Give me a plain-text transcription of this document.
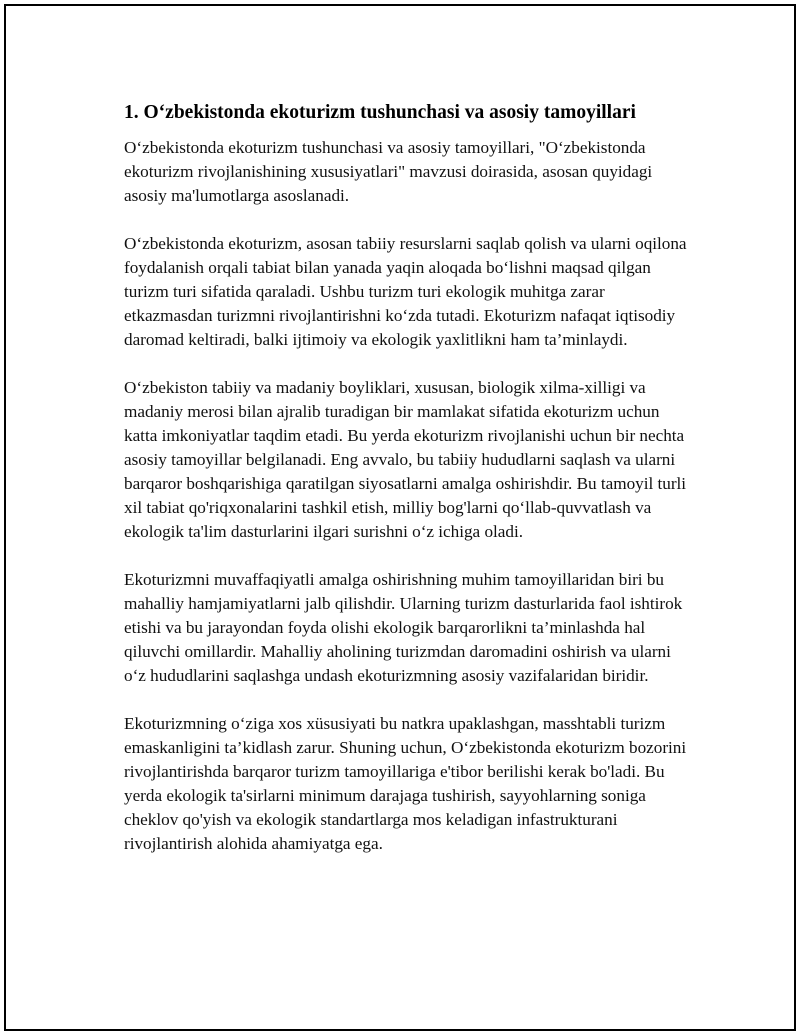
1. O‘zbekistonda ekoturizm tushunchasi va asosiy tamoyillari

O‘zbekistonda ekoturizm tushunchasi va asosiy tamoyillari, "O‘zbekistonda ekoturizm rivojlanishining xususiyatlari" mavzusi doirasida, asosan quyidagi asosiy ma'lumotlarga asoslanadi.

O‘zbekistonda ekoturizm, asosan tabiiy resurslarni saqlab qolish va ularni oqilona foydalanish orqali tabiat bilan yanada yaqin aloqada bo‘lishni maqsad qilgan turizm turi sifatida qaraladi. Ushbu turizm turi ekologik muhitga zarar etkazmasdan turizmni rivojlantirishni ko‘zda tutadi. Ekoturizm nafaqat iqtisodiy daromad keltiradi, balki ijtimoiy va ekologik yaxlitlikni ham ta’minlaydi.

O‘zbekiston tabiiy va madaniy boyliklari, xususan, biologik xilma-xilligi va madaniy merosi bilan ajralib turadigan bir mamlakat sifatida ekoturizm uchun katta imkoniyatlar taqdim etadi. Bu yerda ekoturizm rivojlanishi uchun bir nechta asosiy tamoyillar belgilanadi. Eng avvalo, bu tabiiy hududlarni saqlash va ularni barqaror boshqarishiga qaratilgan siyosatlarni amalga oshirishdir. Bu tamoyil turli xil tabiat qo'riqxonalarini tashkil etish, milliy bog'larni qo‘llab-quvvatlash va ekologik ta'lim dasturlarini ilgari surishni o‘z ichiga oladi.

Ekoturizmni muvaffaqiyatli amalga oshirishning muhim tamoyillaridan biri bu mahalliy hamjamiyatlarni jalb qilishdir. Ularning turizm dasturlarida faol ishtirok etishi va bu jarayondan foyda olishi ekologik barqarorlikni ta’minlashda hal qiluvchi omillardir. Mahalliy aholining turizmdan daromadini oshirish va ularni o‘z hududlarini saqlashga undash ekoturizmning asosiy vazifalaridan biridir.

Ekoturizmning o‘ziga xos xüsusiyati bu natkra upaklashgan, masshtabli turizm emaskanligini ta’kidlash zarur. Shuning uchun, O‘zbekistonda ekoturizm bozorini rivojlantirishda barqaror turizm tamoyillariga e'tibor berilishi kerak bo'ladi. Bu yerda ekologik ta'sirlarni minimum darajaga tushirish, sayyohlarning soniga cheklov qo'yish va ekologik standartlarga mos keladigan infastrukturani rivojlantirish alohida ahamiyatga ega.
